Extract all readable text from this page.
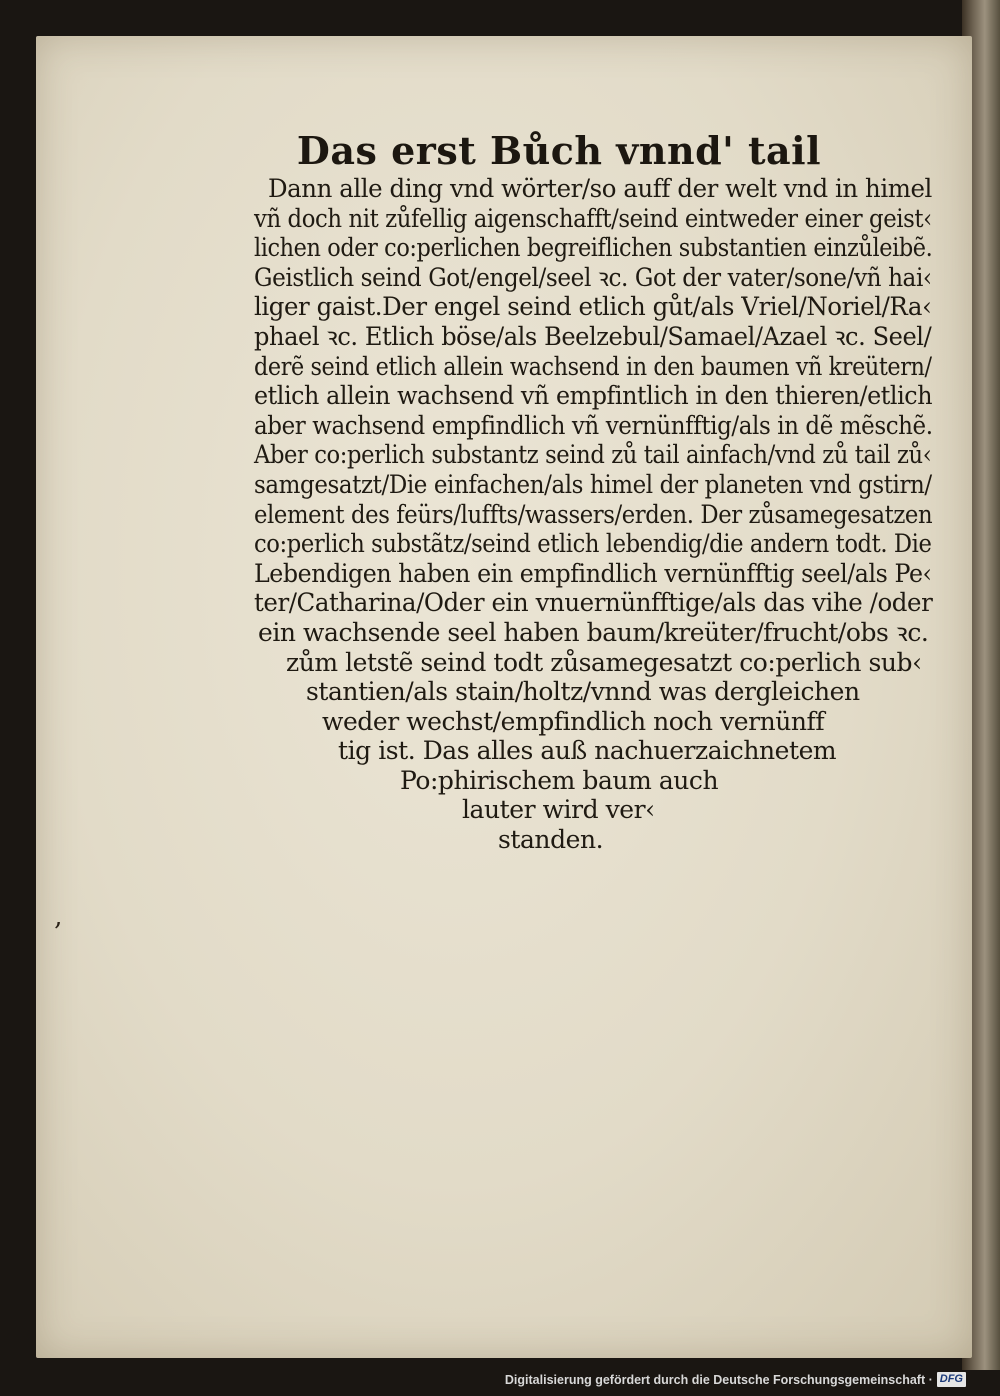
Das erst Bůch vnnd' tail
Dann alle ding vnd wörter/so auff der welt vnd in himel
vñ doch nit zůfellig aigenschafft/seind eintweder einer geist‹
lichen oder co:perlichen begreiflichen substantien einzůleibẽ.
Geistlich seind Got/engel/seel ꝛc. Got der vater/sone/vñ hai‹
liger gaist.Der engel seind etlich gůt/als Vriel/Noriel/Ra‹
phael ꝛc. Etlich böse/als Beelzebul/Samael/Azael ꝛc. Seel/
derẽ seind etlich allein wachsend in den baumen vñ kreütern/
etlich allein wachsend vñ empfintlich in den thieren/etlich
aber wachsend empfindlich vñ vernünfftig/als in dẽ mẽschẽ.
Aber co:perlich substantz seind zů tail ainfach/vnd zů tail zů‹
samgesatzt/Die einfachen/als himel der planeten vnd gstirn/
element des feürs/luffts/wassers/erden. Der zůsamegesatzen
co:perlich substãtz/seind etlich lebendig/die andern todt. Die
Lebendigen haben ein empfindlich vernünfftig seel/als Pe‹
ter/Catharina/Oder ein vnuernünfftige/als das vihe /oder
ein wachsende seel haben baum/kreüter/frucht/obs ꝛc.
zům letstẽ seind todt zůsamegesatzt co:perlich sub‹
stantien/als stain/holtz/vnnd was dergleichen
weder wechst/empfindlich noch vernünff
tig ist. Das alles auß nachuerzaichnetem
Po:phirischem baum auch
lauter wird ver‹
standen.
‚
Digitalisierung gefördert durch die Deutsche Forschungsgemeinschaft · DFG
